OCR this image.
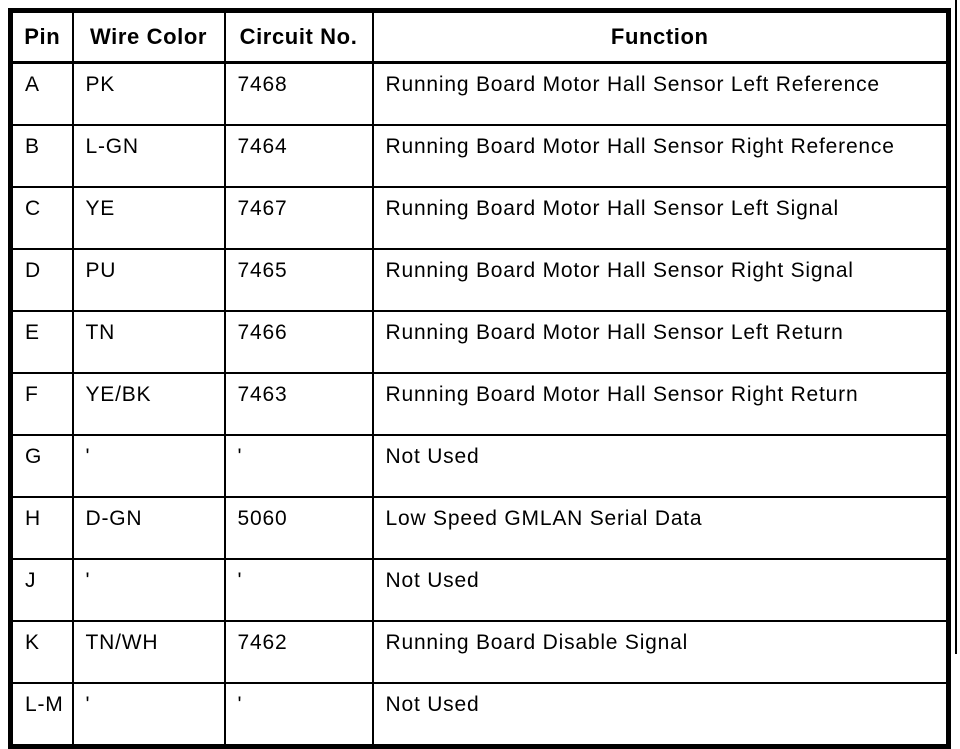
Pin	Wire Color	Circuit No.	Function
A	PK	7468	Running Board Motor Hall Sensor Left Reference
B	L-GN	7464	Running Board Motor Hall Sensor Right Reference
C	YE	7467	Running Board Motor Hall Sensor Left Signal
D	PU	7465	Running Board Motor Hall Sensor Right Signal
E	TN	7466	Running Board Motor Hall Sensor Left Return
F	YE/BK	7463	Running Board Motor Hall Sensor Right Return
G	'	'	Not Used
H	D-GN	5060	Low Speed GMLAN Serial Data
J	'	'	Not Used
K	TN/WH	7462	Running Board Disable Signal
L-M	'	'	Not Used
